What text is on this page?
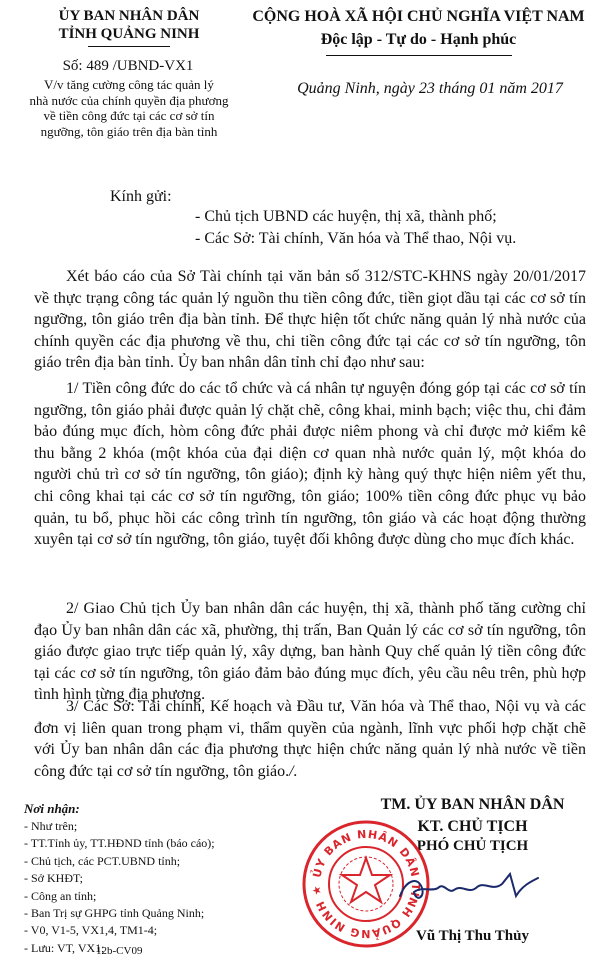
ỦY BAN NHÂN DÂN
TỈNH QUẢNG NINH
CỘNG HOÀ XÃ HỘI CHỦ NGHĨA VIỆT NAM
Độc lập - Tự do - Hạnh phúc
Số: 489 /UBND-VX1
V/v tăng cường công tác quản lý
nhà nước của chính quyền địa phương
về tiền công đức tại các cơ sở tín
ngưỡng, tôn giáo trên địa bàn tỉnh
Quảng Ninh, ngày 23 tháng 01 năm 2017
Kính gửi:
- Chủ tịch UBND các huyện, thị xã, thành phố;
- Các Sở: Tài chính, Văn hóa và Thể thao, Nội vụ.
Xét báo cáo của Sở Tài chính tại văn bản số 312/STC-KHNS ngày 20/01/2017 về thực trạng công tác quản lý nguồn thu tiền công đức, tiền giọt dầu tại các cơ sở tín ngưỡng, tôn giáo trên địa bàn tỉnh. Để thực hiện tốt chức năng quản lý nhà nước của chính quyền các địa phương về thu, chi tiền công đức tại các cơ sở tín ngưỡng, tôn giáo trên địa bàn tỉnh. Ủy ban nhân dân tỉnh chỉ đạo như sau:
1/ Tiền công đức do các tổ chức và cá nhân tự nguyện đóng góp tại các cơ sở tín ngưỡng, tôn giáo phải được quản lý chặt chẽ, công khai, minh bạch; việc thu, chi đảm bảo đúng mục đích, hòm công đức phải được niêm phong và chỉ được mở kiểm kê thu bằng 2 khóa (một khóa của đại diện cơ quan nhà nước quản lý, một khóa do người chủ trì cơ sở tín ngưỡng, tôn giáo); định kỳ hàng quý thực hiện niêm yết thu, chi công khai tại các cơ sở tín ngưỡng, tôn giáo; 100% tiền công đức phục vụ bảo quản, tu bổ, phục hồi các công trình tín ngưỡng, tôn giáo và các hoạt động thường xuyên tại cơ sở tín ngưỡng, tôn giáo, tuyệt đối không được dùng cho mục đích khác.
2/ Giao Chủ tịch Ủy ban nhân dân các huyện, thị xã, thành phố tăng cường chỉ đạo Ủy ban nhân dân các xã, phường, thị trấn, Ban Quản lý các cơ sở tín ngưỡng, tôn giáo được giao trực tiếp quản lý, xây dựng, ban hành Quy chế quản lý tiền công đức tại các cơ sở tín ngưỡng, tôn giáo đảm bảo đúng mục đích, yêu cầu nêu trên, phù hợp tình hình từng địa phương.
3/ Các Sở: Tài chính, Kế hoạch và Đầu tư, Văn hóa và Thể thao, Nội vụ và các đơn vị liên quan trong phạm vi, thẩm quyền của ngành, lĩnh vực phối hợp chặt chẽ với Ủy ban nhân dân các địa phương thực hiện chức năng quản lý nhà nước về tiền công đức tại cơ sở tín ngưỡng, tôn giáo./.
Nơi nhận:
- Như trên;
- TT.Tỉnh ủy, TT.HĐND tỉnh (báo cáo);
- Chủ tịch, các PCT.UBND tỉnh;
- Sở KHĐT;
- Công an tỉnh;
- Ban Trị sự GHPG tỉnh Quảng Ninh;
- V0, V1-5, VX1,4, TM1-4;
- Lưu: VT, VX1;
12b-CV09
TM. ỦY BAN NHÂN DÂN
KT. CHỦ TỊCH
PHÓ CHỦ TỊCH
ỦY BAN NHÂN DÂN TỈNH QUẢNG NINH ★
Vũ Thị Thu Thủy
